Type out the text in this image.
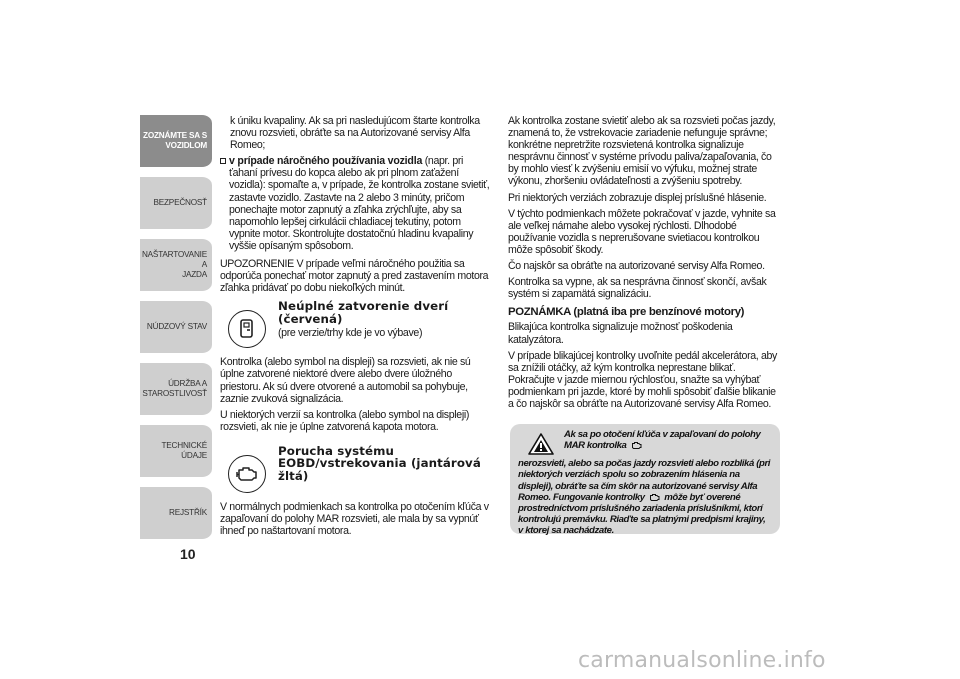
ZOZNÁMTE SA S
VOZIDLOM
BEZPEČNOSŤ
NAŠTARTOVANIE A
JAZDA
NÚDZOVÝ STAV
ÚDRŽBA A
STAROSTLIVOSŤ
TECHNICKÉ ÚDAJE
REJSTŘÍK
10

k úniku kvapaliny. Ak sa pri nasledujúcom štarte kontrolka znovu rozsvieti, obráťte sa na Autorizované servisy Alfa Romeo;

v prípade náročného používania vozidla (napr. pri ťahaní prívesu do kopca alebo ak pri plnom zaťažení vozidla): spomaľte a, v prípade, že kontrolka zostane svietiť, zastavte vozidlo. Zastavte na 2 alebo 3 minúty, pričom ponechajte motor zapnutý a zľahka zrýchľujte, aby sa napomohlo lepšej cirkulácii chladiacej tekutiny, potom vypnite motor. Skontrolujte dostatočnú hladinu kvapaliny vyššie opísaným spôsobom.

UPOZORNENIE V prípade veľmi náročného použitia sa odporúča ponechať motor zapnutý a pred zastavením motora zľahka pridávať po dobu niekoľkých minút.

Neúplné zatvorenie dverí (červená)
(pre verzie/trhy kde je vo výbave)

Kontrolka (alebo symbol na displeji) sa rozsvieti, ak nie sú úplne zatvorené niektoré dvere alebo dvere úložného priestoru. Ak sú dvere otvorené a automobil sa pohybuje, zaznie zvuková signalizácia.

U niektorých verzií sa kontrolka (alebo symbol na displeji) rozsvieti, ak nie je úplne zatvorená kapota motora.

Porucha systému EOBD/vstrekovania (jantárová žltá)

V normálnych podmienkach sa kontrolka po otočením kľúča v zapaľovaní do polohy MAR rozsvieti, ale mala by sa vypnúť ihneď po naštartovaní motora.

Ak kontrolka zostane svietiť alebo ak sa rozsvieti počas jazdy, znamená to, že vstrekovacie zariadenie nefunguje správne; konkrétne nepretržite rozsvietená kontrolka signalizuje nesprávnu činnosť v systéme prívodu paliva/zapaľovania, čo by mohlo viesť k zvýšeniu emisií vo výfuku, možnej strate výkonu, zhoršeniu ovládateľnosti a zvýšeniu spotreby.

Pri niektorých verziách zobrazuje displej príslušné hlásenie.

V týchto podmienkach môžete pokračovať v jazde, vyhnite sa ale veľkej námahe alebo vysokej rýchlosti. Dlhodobé používanie vozidla s neprerušovane svietiacou kontrolkou môže spôsobiť škody.

Čo najskôr sa obráťte na autorizované servisy Alfa Romeo.

Kontrolka sa vypne, ak sa nesprávna činnosť skončí, avšak systém si zapamätá signalizáciu.

POZNÁMKA (platná iba pre benzínové motory)

Blikajúca kontrolka signalizuje možnosť poškodenia katalyzátora.

V prípade blikajúcej kontrolky uvoľnite pedál akcelerátora, aby sa znížili otáčky, až kým kontrolka neprestane blikať. Pokračujte v jazde miernou rýchlosťou, snažte sa vyhýbať podmienkam pri jazde, ktoré by mohli spôsobiť ďalšie blikanie a čo najskôr sa obráťte na Autorizované servisy Alfa Romeo.

Ak sa po otočení kľúča v zapaľovaní do polohy MAR kontrolka
nerozsvieti, alebo sa počas jazdy rozsvieti alebo rozbliká (pri niektorých verziách spolu so zobrazením hlásenia na displeji), obráťte sa čím skôr na autorizované servisy Alfa Romeo. Fungovanie kontrolky môže byť overené prostredníctvom príslušného zariadenia príslušníkmi, ktorí kontrolujú premávku. Riaďte sa platnými predpismi krajiny, v ktorej sa nachádzate.
carmanualsonline.info
